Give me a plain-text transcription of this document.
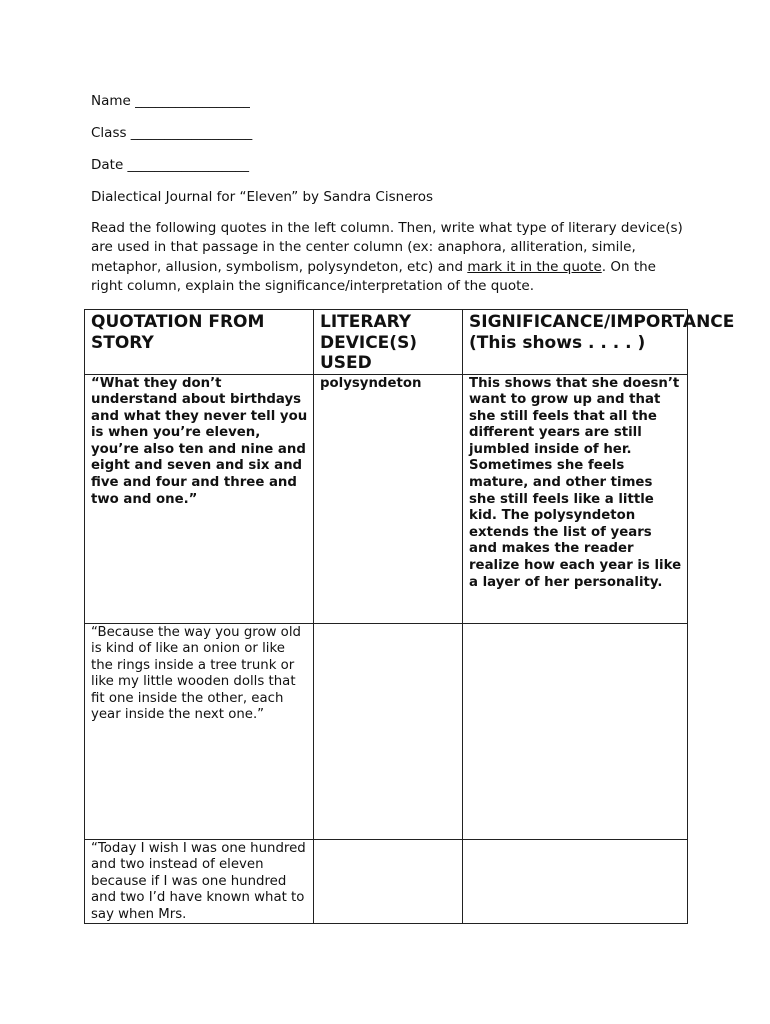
Name _________________
Class __________________
Date __________________
Dialectical Journal for “Eleven” by Sandra Cisneros

Read the following quotes in the left column. Then, write what type of literary device(s) are used in that passage in the center column (ex: anaphora, alliteration, simile, metaphor, allusion, symbolism, polysyndeton, etc) and mark it in the quote. On the right column, explain the significance/interpretation of the quote.

QUOTATION FROM STORY	LITERARY DEVICE(S) USED	SIGNIFICANCE/IMPORTANCE (This shows . . . . )
“What they don’t understand about birthdays and what they never tell you is when you’re eleven, you’re also ten and nine and eight and seven and six and five and four and three and two and one.”	polysyndeton	This shows that she doesn’t want to grow up and that she still feels that all the different years are still jumbled inside of her. Sometimes she feels mature, and other times she still feels like a little kid. The polysyndeton extends the list of years and makes the reader realize how each year is like a layer of her personality.
“Because the way you grow old is kind of like an onion or like the rings inside a tree trunk or like my little wooden dolls that fit one inside the other, each year inside the next one.”		
“Today I wish I was one hundred and two instead of eleven because if I was one hundred and two I’d have known what to say when Mrs.		
